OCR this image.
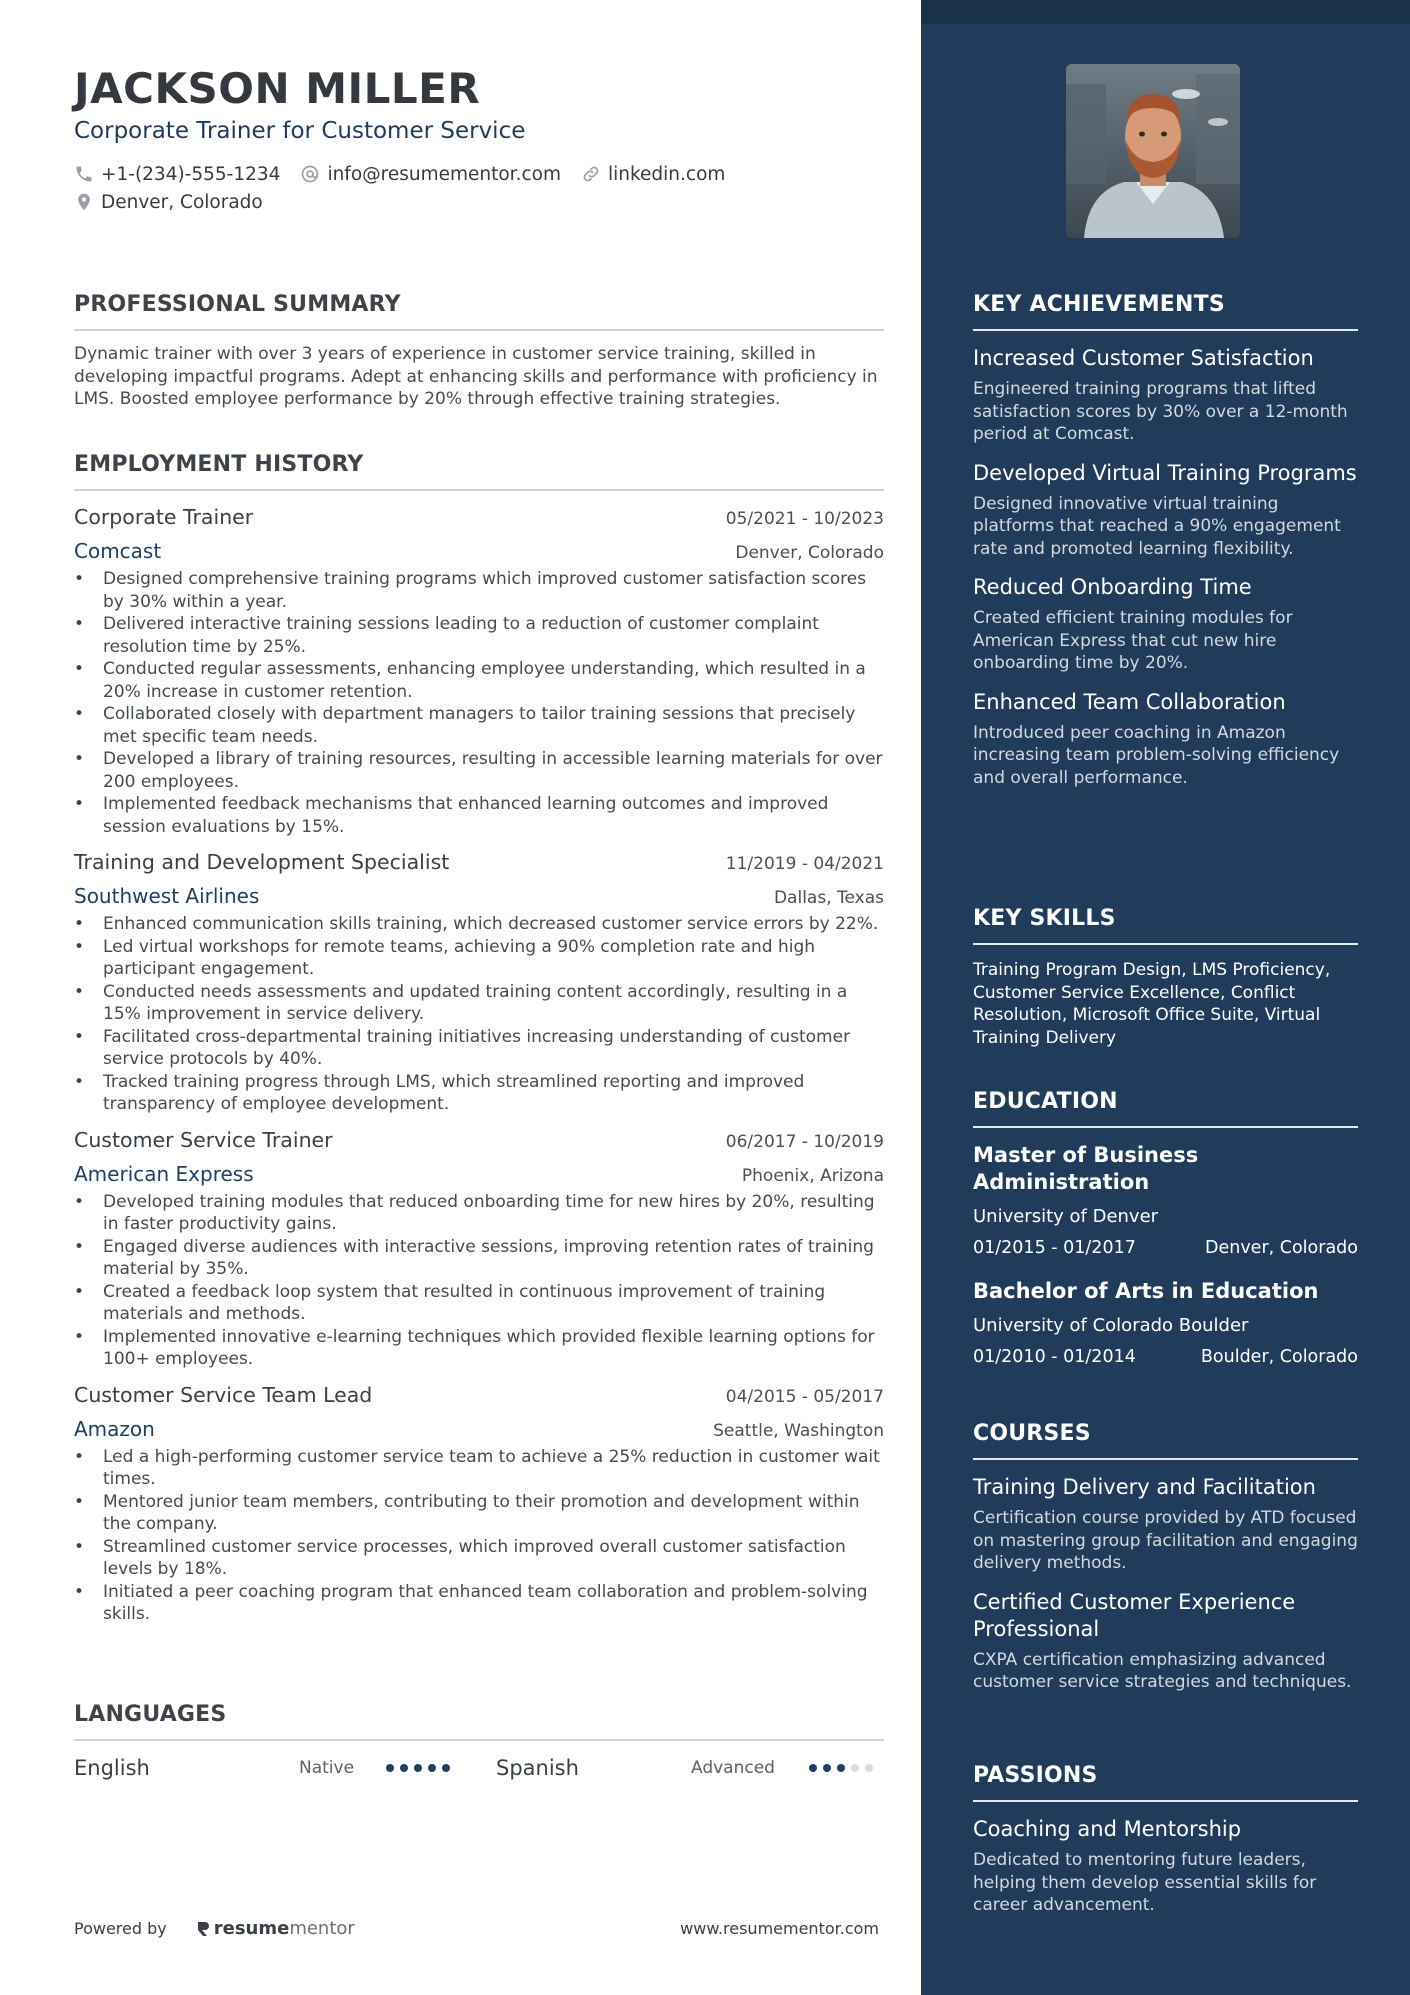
JACKSON MILLER
Corporate Trainer for Customer Service
+1-(234)-555-1234	info@resumementor.com	linkedin.com
Denver, Colorado
PROFESSIONAL SUMMARY

Dynamic trainer with over 3 years of experience in customer service training, skilled in developing impactful programs. Adept at enhancing skills and performance with proficiency in LMS. Boosted employee performance by 20% through effective training strategies.

EMPLOYMENT HISTORY
Corporate Trainer	05/2021 - 10/2023
Comcast	Denver, Colorado
• Designed comprehensive training programs which improved customer satisfaction scores by 30% within a year.
• Delivered interactive training sessions leading to a reduction of customer complaint resolution time by 25%.
• Conducted regular assessments, enhancing employee understanding, which resulted in a 20% increase in customer retention.
• Collaborated closely with department managers to tailor training sessions that precisely met specific team needs.
• Developed a library of training resources, resulting in accessible learning materials for over 200 employees.
• Implemented feedback mechanisms that enhanced learning outcomes and improved session evaluations by 15%.
Training and Development Specialist	11/2019 - 04/2021
Southwest Airlines	Dallas, Texas
• Enhanced communication skills training, which decreased customer service errors by 22%.
• Led virtual workshops for remote teams, achieving a 90% completion rate and high participant engagement.
• Conducted needs assessments and updated training content accordingly, resulting in a 15% improvement in service delivery.
• Facilitated cross-departmental training initiatives increasing understanding of customer service protocols by 40%.
• Tracked training progress through LMS, which streamlined reporting and improved transparency of employee development.
Customer Service Trainer	06/2017 - 10/2019
American Express	Phoenix, Arizona
• Developed training modules that reduced onboarding time for new hires by 20%, resulting in faster productivity gains.
• Engaged diverse audiences with interactive sessions, improving retention rates of training material by 35%.
• Created a feedback loop system that resulted in continuous improvement of training materials and methods.
• Implemented innovative e-learning techniques which provided flexible learning options for 100+ employees.
Customer Service Team Lead	04/2015 - 05/2017
Amazon	Seattle, Washington
• Led a high-performing customer service team to achieve a 25% reduction in customer wait times.
• Mentored junior team members, contributing to their promotion and development within the company.
• Streamlined customer service processes, which improved overall customer satisfaction levels by 18%.
• Initiated a peer coaching program that enhanced team collaboration and problem-solving skills.
LANGUAGES
English	Native	Spanish	Advanced
Powered by	resume mentor	www.resumementor.com
KEY ACHIEVEMENTS
Increased Customer Satisfaction
Engineered training programs that lifted satisfaction scores by 30% over a 12-month period at Comcast.
Developed Virtual Training Programs
Designed innovative virtual training platforms that reached a 90% engagement rate and promoted learning flexibility.
Reduced Onboarding Time
Created efficient training modules for American Express that cut new hire onboarding time by 20%.
Enhanced Team Collaboration
Introduced peer coaching in Amazon increasing team problem-solving efficiency and overall performance.
KEY SKILLS
Training Program Design, LMS Proficiency, Customer Service Excellence, Conflict Resolution, Microsoft Office Suite, Virtual Training Delivery
EDUCATION
Master of Business Administration
University of Denver
01/2015 - 01/2017	Denver, Colorado
Bachelor of Arts in Education
University of Colorado Boulder
01/2010 - 01/2014	Boulder, Colorado
COURSES
Training Delivery and Facilitation
Certification course provided by ATD focused on mastering group facilitation and engaging delivery methods.
Certified Customer Experience Professional
CXPA certification emphasizing advanced customer service strategies and techniques.
PASSIONS
Coaching and Mentorship
Dedicated to mentoring future leaders, helping them develop essential skills for career advancement.
